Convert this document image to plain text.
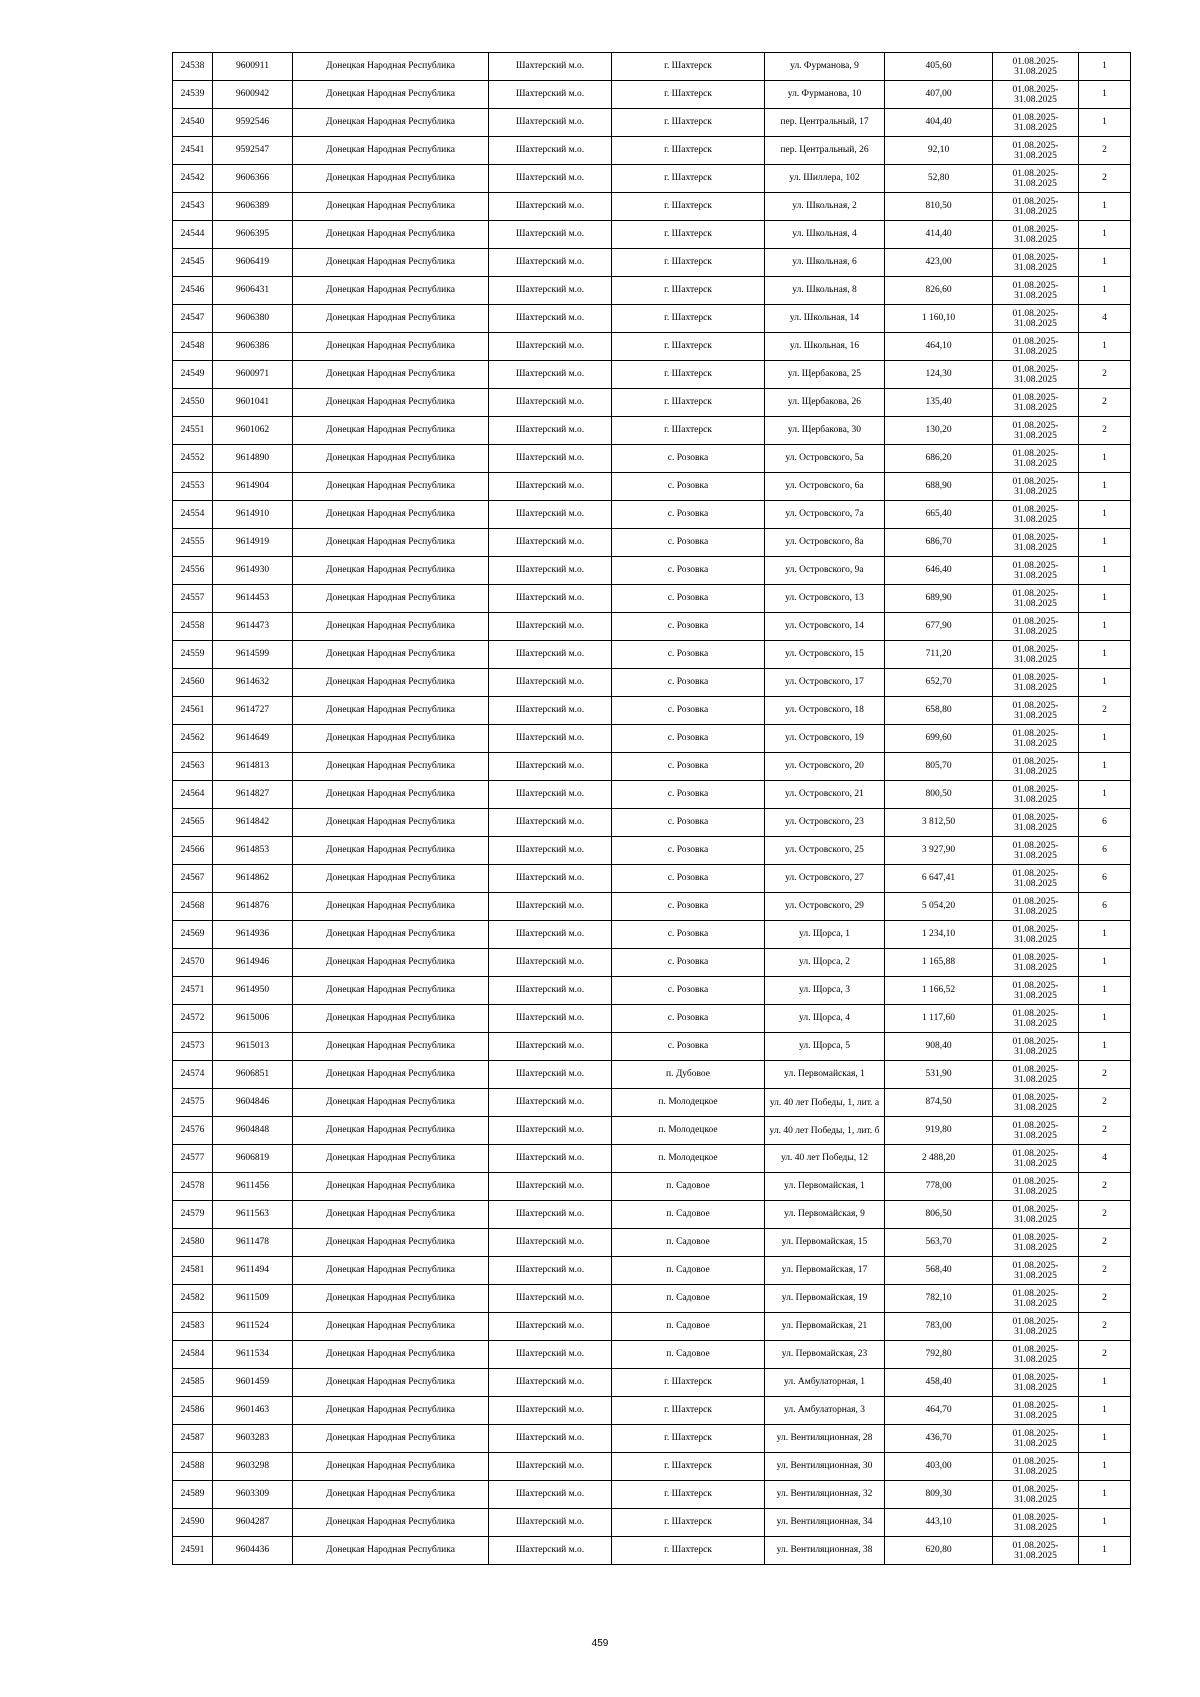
24538	9600911	Донецкая Народная Республика	Шахтерский м.о.	г. Шахтерск	ул. Фурманова, 9	405,60	01.08.2025-
31.08.2025	1
24539	9600942	Донецкая Народная Республика	Шахтерский м.о.	г. Шахтерск	ул. Фурманова, 10	407,00	01.08.2025-
31.08.2025	1
24540	9592546	Донецкая Народная Республика	Шахтерский м.о.	г. Шахтерск	пер. Центральный, 17	404,40	01.08.2025-
31.08.2025	1
24541	9592547	Донецкая Народная Республика	Шахтерский м.о.	г. Шахтерск	пер. Центральный, 26	92,10	01.08.2025-
31.08.2025	2
24542	9606366	Донецкая Народная Республика	Шахтерский м.о.	г. Шахтерск	ул. Шиллера, 102	52,80	01.08.2025-
31.08.2025	2
24543	9606389	Донецкая Народная Республика	Шахтерский м.о.	г. Шахтерск	ул. Школьная, 2	810,50	01.08.2025-
31.08.2025	1
24544	9606395	Донецкая Народная Республика	Шахтерский м.о.	г. Шахтерск	ул. Школьная, 4	414,40	01.08.2025-
31.08.2025	1
24545	9606419	Донецкая Народная Республика	Шахтерский м.о.	г. Шахтерск	ул. Школьная, 6	423,00	01.08.2025-
31.08.2025	1
24546	9606431	Донецкая Народная Республика	Шахтерский м.о.	г. Шахтерск	ул. Школьная, 8	826,60	01.08.2025-
31.08.2025	1
24547	9606380	Донецкая Народная Республика	Шахтерский м.о.	г. Шахтерск	ул. Школьная, 14	1 160,10	01.08.2025-
31.08.2025	4
24548	9606386	Донецкая Народная Республика	Шахтерский м.о.	г. Шахтерск	ул. Школьная, 16	464,10	01.08.2025-
31.08.2025	1
24549	9600971	Донецкая Народная Республика	Шахтерский м.о.	г. Шахтерск	ул. Щербакова, 25	124,30	01.08.2025-
31.08.2025	2
24550	9601041	Донецкая Народная Республика	Шахтерский м.о.	г. Шахтерск	ул. Щербакова, 26	135,40	01.08.2025-
31.08.2025	2
24551	9601062	Донецкая Народная Республика	Шахтерский м.о.	г. Шахтерск	ул. Щербакова, 30	130,20	01.08.2025-
31.08.2025	2
24552	9614890	Донецкая Народная Республика	Шахтерский м.о.	с. Розовка	ул. Островского, 5а	686,20	01.08.2025-
31.08.2025	1
24553	9614904	Донецкая Народная Республика	Шахтерский м.о.	с. Розовка	ул. Островского, 6а	688,90	01.08.2025-
31.08.2025	1
24554	9614910	Донецкая Народная Республика	Шахтерский м.о.	с. Розовка	ул. Островского, 7а	665,40	01.08.2025-
31.08.2025	1
24555	9614919	Донецкая Народная Республика	Шахтерский м.о.	с. Розовка	ул. Островского, 8а	686,70	01.08.2025-
31.08.2025	1
24556	9614930	Донецкая Народная Республика	Шахтерский м.о.	с. Розовка	ул. Островского, 9а	646,40	01.08.2025-
31.08.2025	1
24557	9614453	Донецкая Народная Республика	Шахтерский м.о.	с. Розовка	ул. Островского, 13	689,90	01.08.2025-
31.08.2025	1
24558	9614473	Донецкая Народная Республика	Шахтерский м.о.	с. Розовка	ул. Островского, 14	677,90	01.08.2025-
31.08.2025	1
24559	9614599	Донецкая Народная Республика	Шахтерский м.о.	с. Розовка	ул. Островского, 15	711,20	01.08.2025-
31.08.2025	1
24560	9614632	Донецкая Народная Республика	Шахтерский м.о.	с. Розовка	ул. Островского, 17	652,70	01.08.2025-
31.08.2025	1
24561	9614727	Донецкая Народная Республика	Шахтерский м.о.	с. Розовка	ул. Островского, 18	658,80	01.08.2025-
31.08.2025	2
24562	9614649	Донецкая Народная Республика	Шахтерский м.о.	с. Розовка	ул. Островского, 19	699,60	01.08.2025-
31.08.2025	1
24563	9614813	Донецкая Народная Республика	Шахтерский м.о.	с. Розовка	ул. Островского, 20	805,70	01.08.2025-
31.08.2025	1
24564	9614827	Донецкая Народная Республика	Шахтерский м.о.	с. Розовка	ул. Островского, 21	800,50	01.08.2025-
31.08.2025	1
24565	9614842	Донецкая Народная Республика	Шахтерский м.о.	с. Розовка	ул. Островского, 23	3 812,50	01.08.2025-
31.08.2025	6
24566	9614853	Донецкая Народная Республика	Шахтерский м.о.	с. Розовка	ул. Островского, 25	3 927,90	01.08.2025-
31.08.2025	6
24567	9614862	Донецкая Народная Республика	Шахтерский м.о.	с. Розовка	ул. Островского, 27	6 647,41	01.08.2025-
31.08.2025	6
24568	9614876	Донецкая Народная Республика	Шахтерский м.о.	с. Розовка	ул. Островского, 29	5 054,20	01.08.2025-
31.08.2025	6
24569	9614936	Донецкая Народная Республика	Шахтерский м.о.	с. Розовка	ул. Щорса, 1	1 234,10	01.08.2025-
31.08.2025	1
24570	9614946	Донецкая Народная Республика	Шахтерский м.о.	с. Розовка	ул. Щорса, 2	1 165,88	01.08.2025-
31.08.2025	1
24571	9614950	Донецкая Народная Республика	Шахтерский м.о.	с. Розовка	ул. Щорса, 3	1 166,52	01.08.2025-
31.08.2025	1
24572	9615006	Донецкая Народная Республика	Шахтерский м.о.	с. Розовка	ул. Щорса, 4	1 117,60	01.08.2025-
31.08.2025	1
24573	9615013	Донецкая Народная Республика	Шахтерский м.о.	с. Розовка	ул. Щорса, 5	908,40	01.08.2025-
31.08.2025	1
24574	9606851	Донецкая Народная Республика	Шахтерский м.о.	п. Дубовое	ул. Первомайская, 1	531,90	01.08.2025-
31.08.2025	2
24575	9604846	Донецкая Народная Республика	Шахтерский м.о.	п. Молодецкое	ул. 40 лет Победы, 1, лит. а	874,50	01.08.2025-
31.08.2025	2
24576	9604848	Донецкая Народная Республика	Шахтерский м.о.	п. Молодецкое	ул. 40 лет Победы, 1, лит. б	919,80	01.08.2025-
31.08.2025	2
24577	9606819	Донецкая Народная Республика	Шахтерский м.о.	п. Молодецкое	ул. 40 лет Победы, 12	2 488,20	01.08.2025-
31.08.2025	4
24578	9611456	Донецкая Народная Республика	Шахтерский м.о.	п. Садовое	ул. Первомайская, 1	778,00	01.08.2025-
31.08.2025	2
24579	9611563	Донецкая Народная Республика	Шахтерский м.о.	п. Садовое	ул. Первомайская, 9	806,50	01.08.2025-
31.08.2025	2
24580	9611478	Донецкая Народная Республика	Шахтерский м.о.	п. Садовое	ул. Первомайская, 15	563,70	01.08.2025-
31.08.2025	2
24581	9611494	Донецкая Народная Республика	Шахтерский м.о.	п. Садовое	ул. Первомайская, 17	568,40	01.08.2025-
31.08.2025	2
24582	9611509	Донецкая Народная Республика	Шахтерский м.о.	п. Садовое	ул. Первомайская, 19	782,10	01.08.2025-
31.08.2025	2
24583	9611524	Донецкая Народная Республика	Шахтерский м.о.	п. Садовое	ул. Первомайская, 21	783,00	01.08.2025-
31.08.2025	2
24584	9611534	Донецкая Народная Республика	Шахтерский м.о.	п. Садовое	ул. Первомайская, 23	792,80	01.08.2025-
31.08.2025	2
24585	9601459	Донецкая Народная Республика	Шахтерский м.о.	г. Шахтерск	ул. Амбулаторная, 1	458,40	01.08.2025-
31.08.2025	1
24586	9601463	Донецкая Народная Республика	Шахтерский м.о.	г. Шахтерск	ул. Амбулаторная, 3	464,70	01.08.2025-
31.08.2025	1
24587	9603283	Донецкая Народная Республика	Шахтерский м.о.	г. Шахтерск	ул. Вентиляционная, 28	436,70	01.08.2025-
31.08.2025	1
24588	9603298	Донецкая Народная Республика	Шахтерский м.о.	г. Шахтерск	ул. Вентиляционная, 30	403,00	01.08.2025-
31.08.2025	1
24589	9603309	Донецкая Народная Республика	Шахтерский м.о.	г. Шахтерск	ул. Вентиляционная, 32	809,30	01.08.2025-
31.08.2025	1
24590	9604287	Донецкая Народная Республика	Шахтерский м.о.	г. Шахтерск	ул. Вентиляционная, 34	443,10	01.08.2025-
31.08.2025	1
24591	9604436	Донецкая Народная Республика	Шахтерский м.о.	г. Шахтерск	ул. Вентиляционная, 38	620,80	01.08.2025-
31.08.2025	1
459
